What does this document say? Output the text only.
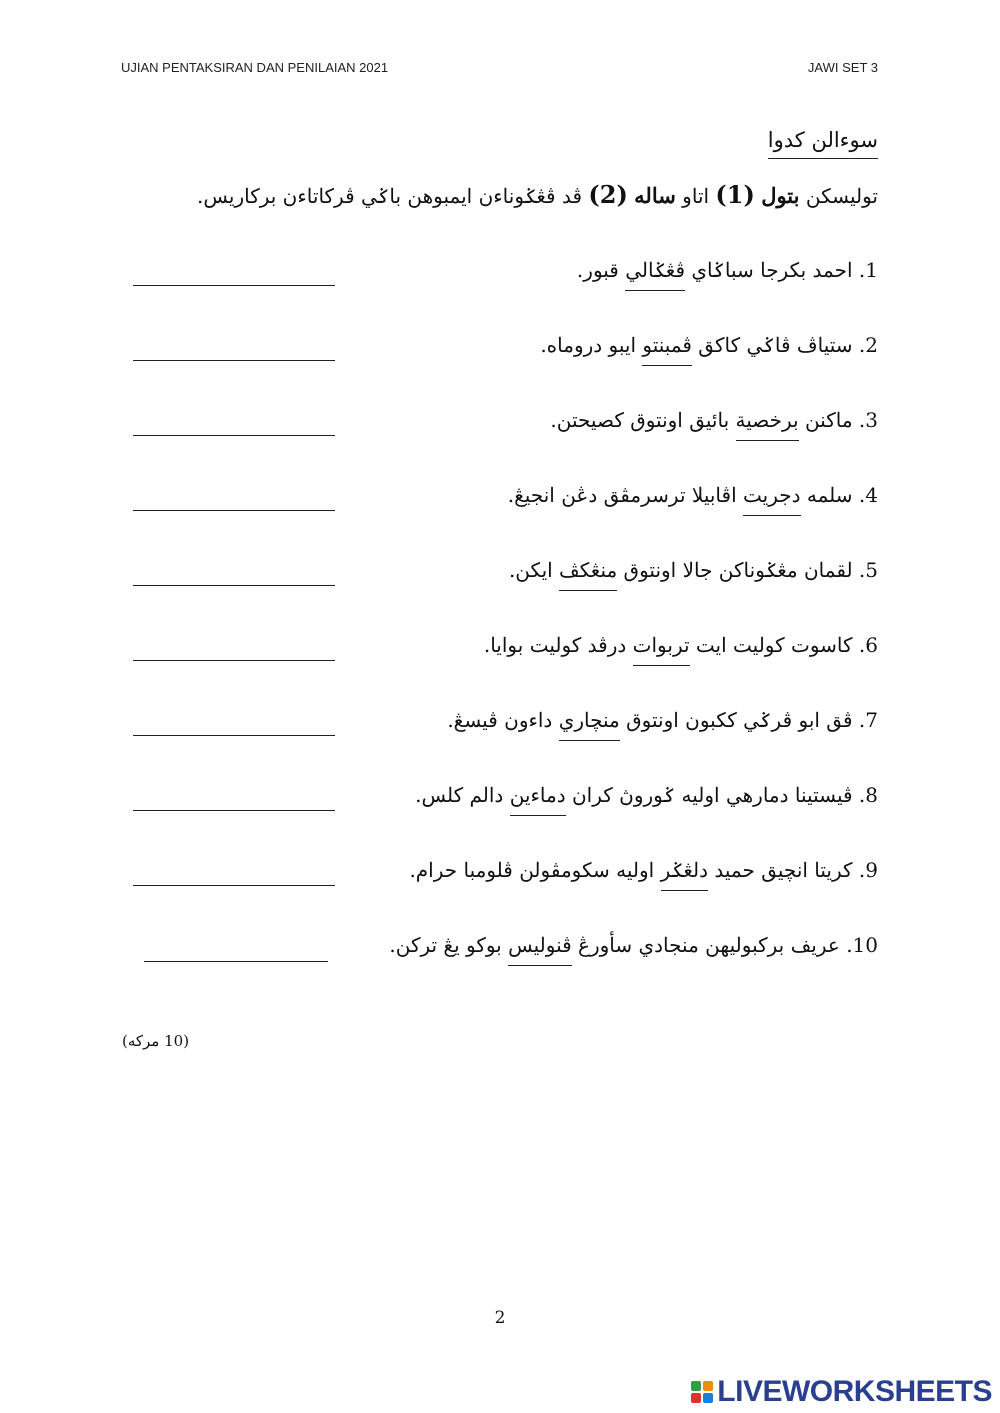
UJIAN PENTAKSIRAN DAN PENILAIAN 2021	JAWI SET 3
سوءالن كدوا
توليسكن بتول (1) اتاو ساله (2) ڤد ڤڠݢوناءن ايمبوهن باݢي ڤركاتاءن بركاريس.
1. احمد بكرجا سباݢاي ڤڠݢالي قبور.
2. ستياڤ ڤاݢي كاكق ڤمبنتو ايبو دروماه.
3. ماكنن برخصية بائيق اونتوق كصيحتن.
4. سلمه دجريت اڤابيلا ترسرمڤق دڠن انجيڠ.
5. لقمان مڠݢوناكن جالا اونتوق منڠكڤ ايكن.
6. كاسوت كوليت ايت تربوات درڤد كوليت بوايا.
7. ڤق ابو ڤرݢي ككبون اونتوق منچاري داءون ڤيسڠ.
8. ڤيستينا دمارهي اوليه ݢوروڽ كران دماءين دالم كلس.
9. كريتا انچيق حميد دلڠݢر اوليه سكومڤولن ڤلومبا حرام.
10. عريف بركبوليهن منجادي سأورڠ ڤنوليس بوكو يڠ تركن.
(10 مركه)
2
LIVEWORKSHEETS
